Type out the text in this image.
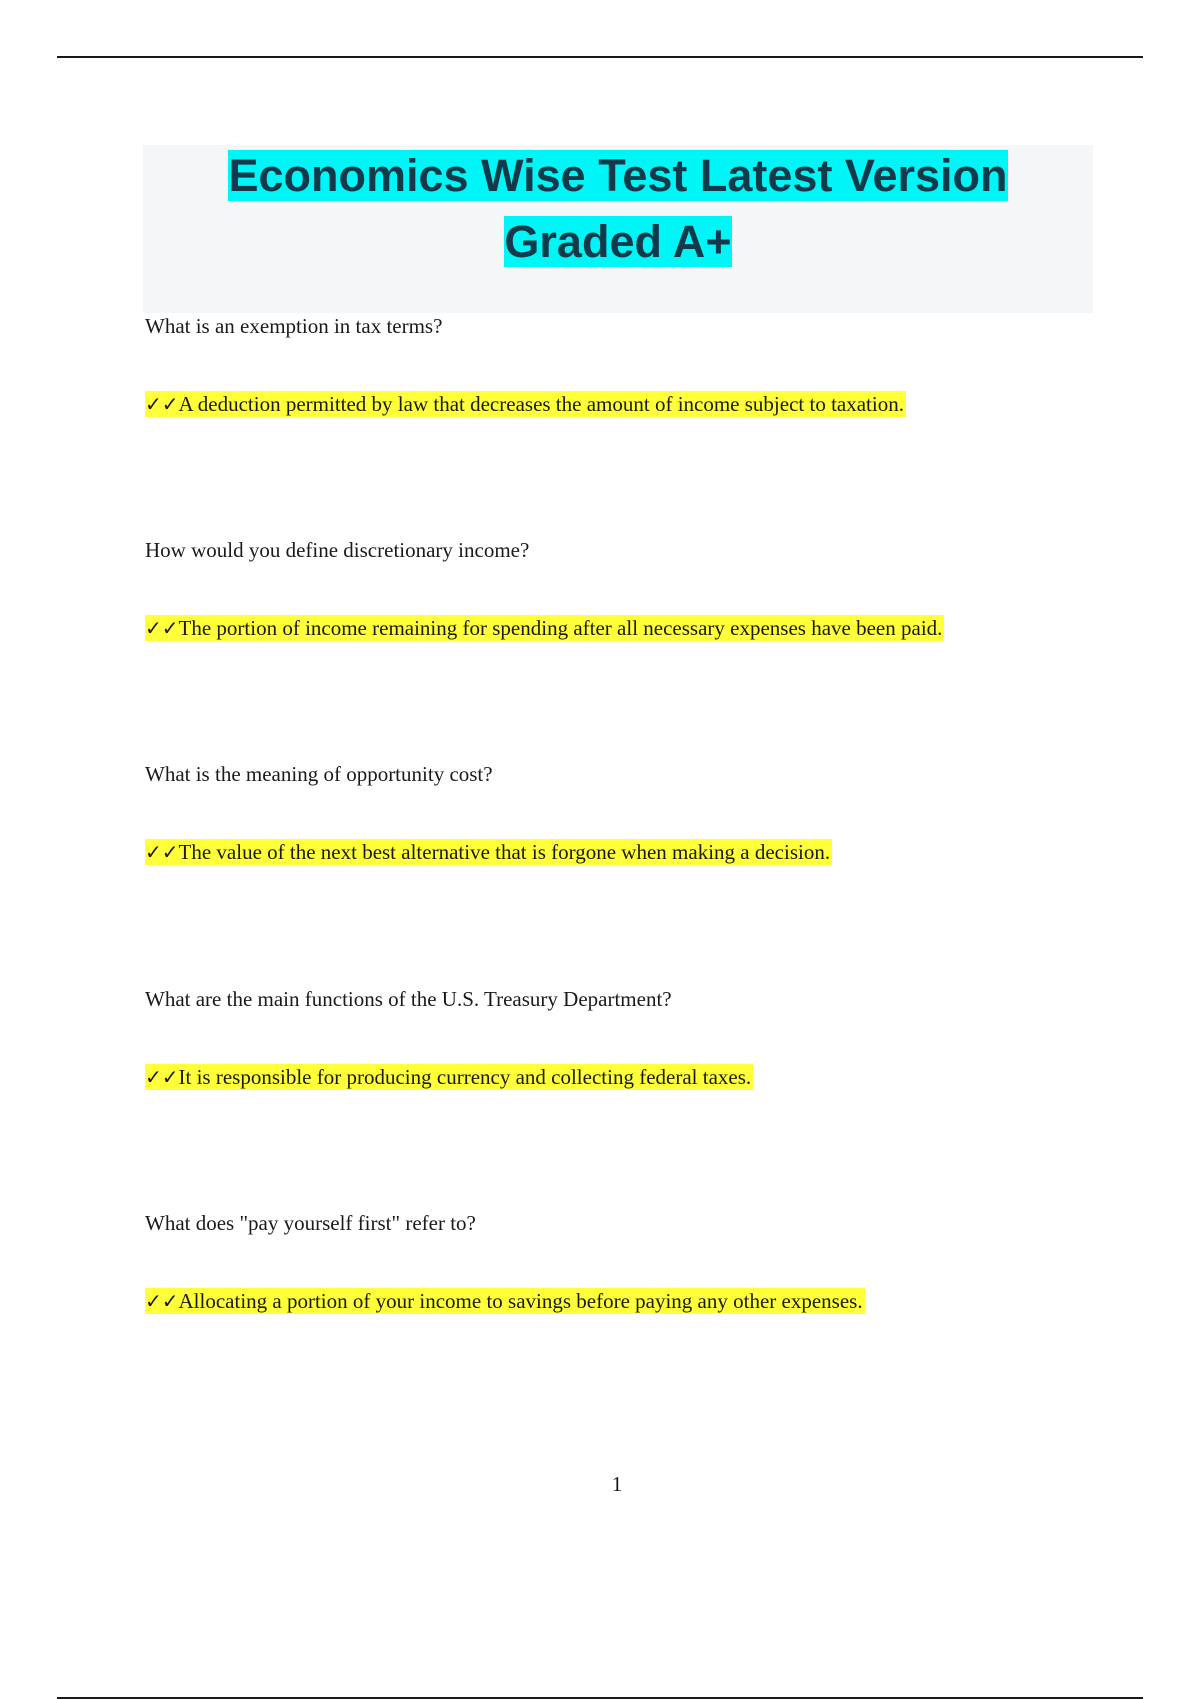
Economics Wise Test Latest Version Graded A+
What is an exemption in tax terms?
✓✓A deduction permitted by law that decreases the amount of income subject to taxation.
How would you define discretionary income?
✓✓The portion of income remaining for spending after all necessary expenses have been paid.
What is the meaning of opportunity cost?
✓✓The value of the next best alternative that is forgone when making a decision.
What are the main functions of the U.S. Treasury Department?
✓✓It is responsible for producing currency and collecting federal taxes.
What does "pay yourself first" refer to?
✓✓Allocating a portion of your income to savings before paying any other expenses.
1
